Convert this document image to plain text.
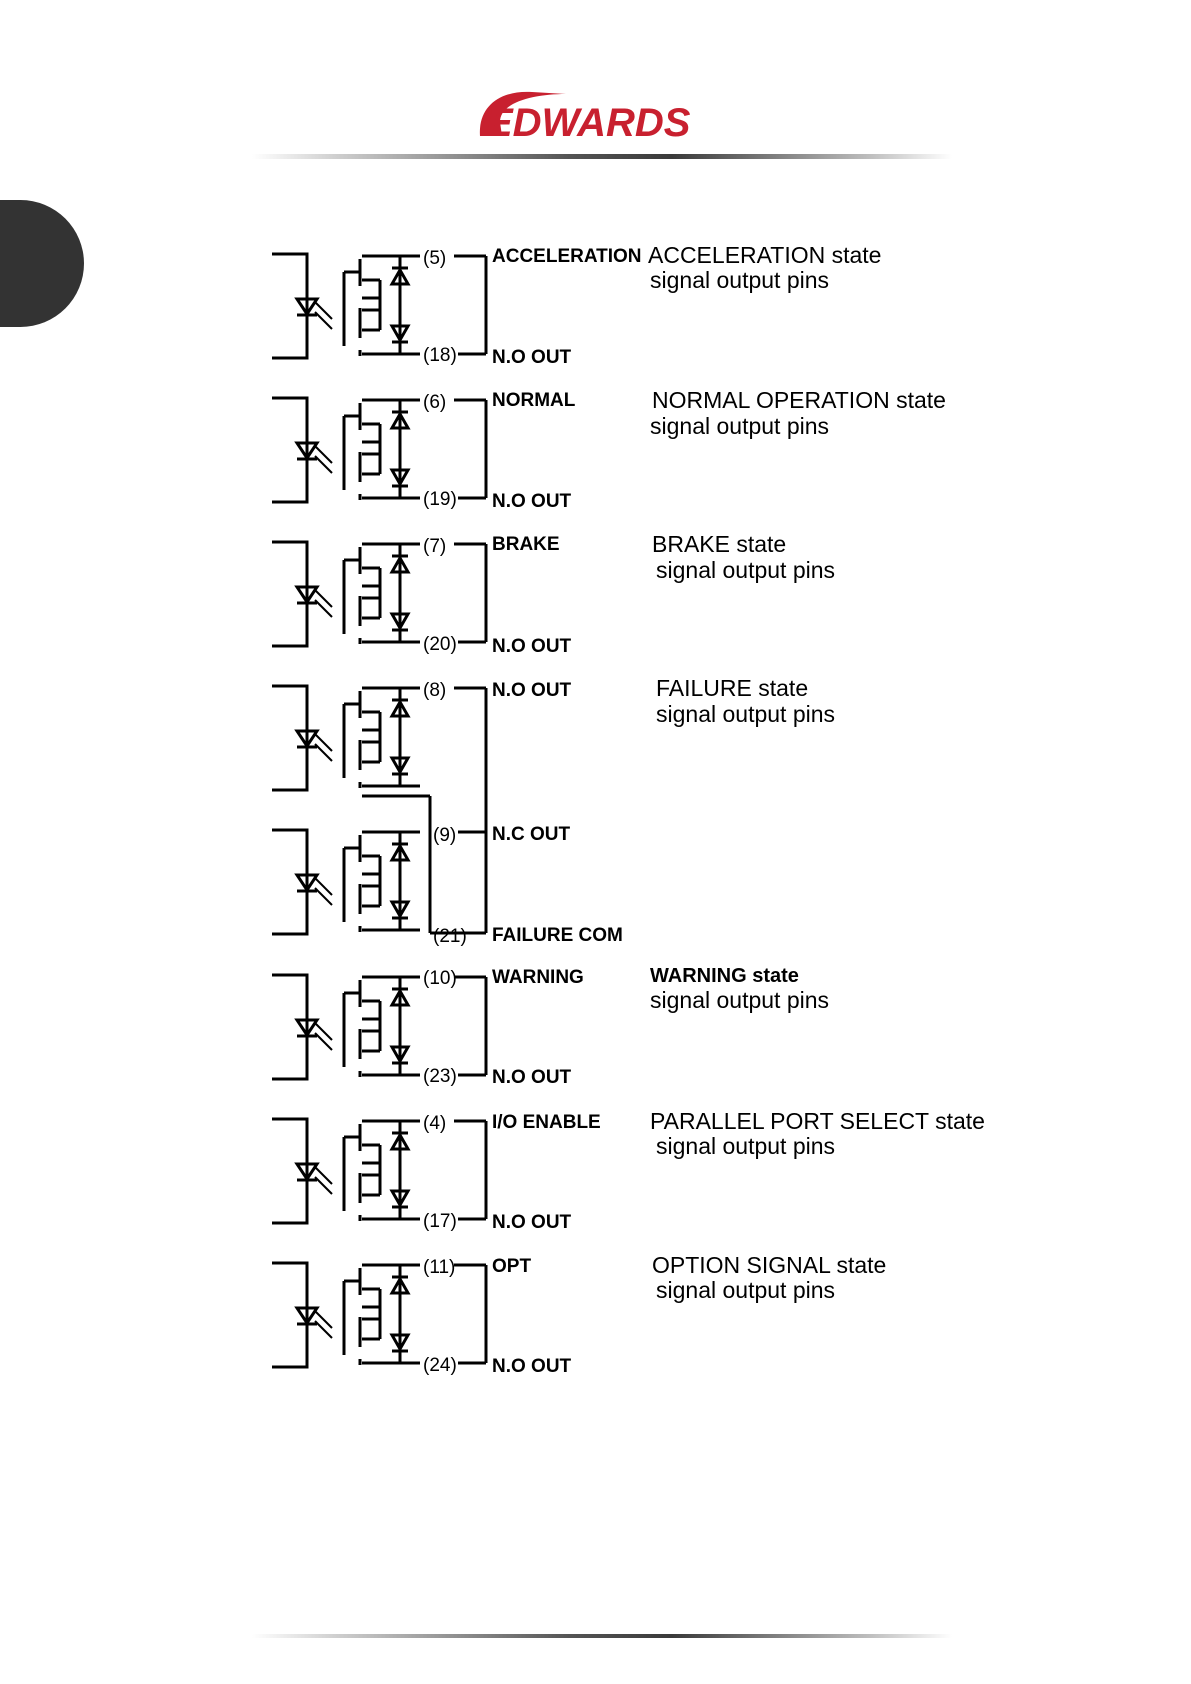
EDWARDS
(5) ACCELERATION
(18) N.O OUT
ACCELERATION state
signal output pins
(6) NORMAL
(19) N.O OUT
NORMAL OPERATION state
signal output pins
(7) BRAKE
(20) N.O OUT
BRAKE state
signal output pins
(8) N.O OUT	FAILURE state
signal output pins
(9) N.C OUT
(21) FAILURE COM
(10) WARNING
(23) N.O OUT
WARNING state
signal output pins
(4) I/O ENABLE
(17) N.O OUT
PARALLEL PORT SELECT state
signal output pins
(11) OPT
(24) N.O OUT
OPTION SIGNAL state
signal output pins
